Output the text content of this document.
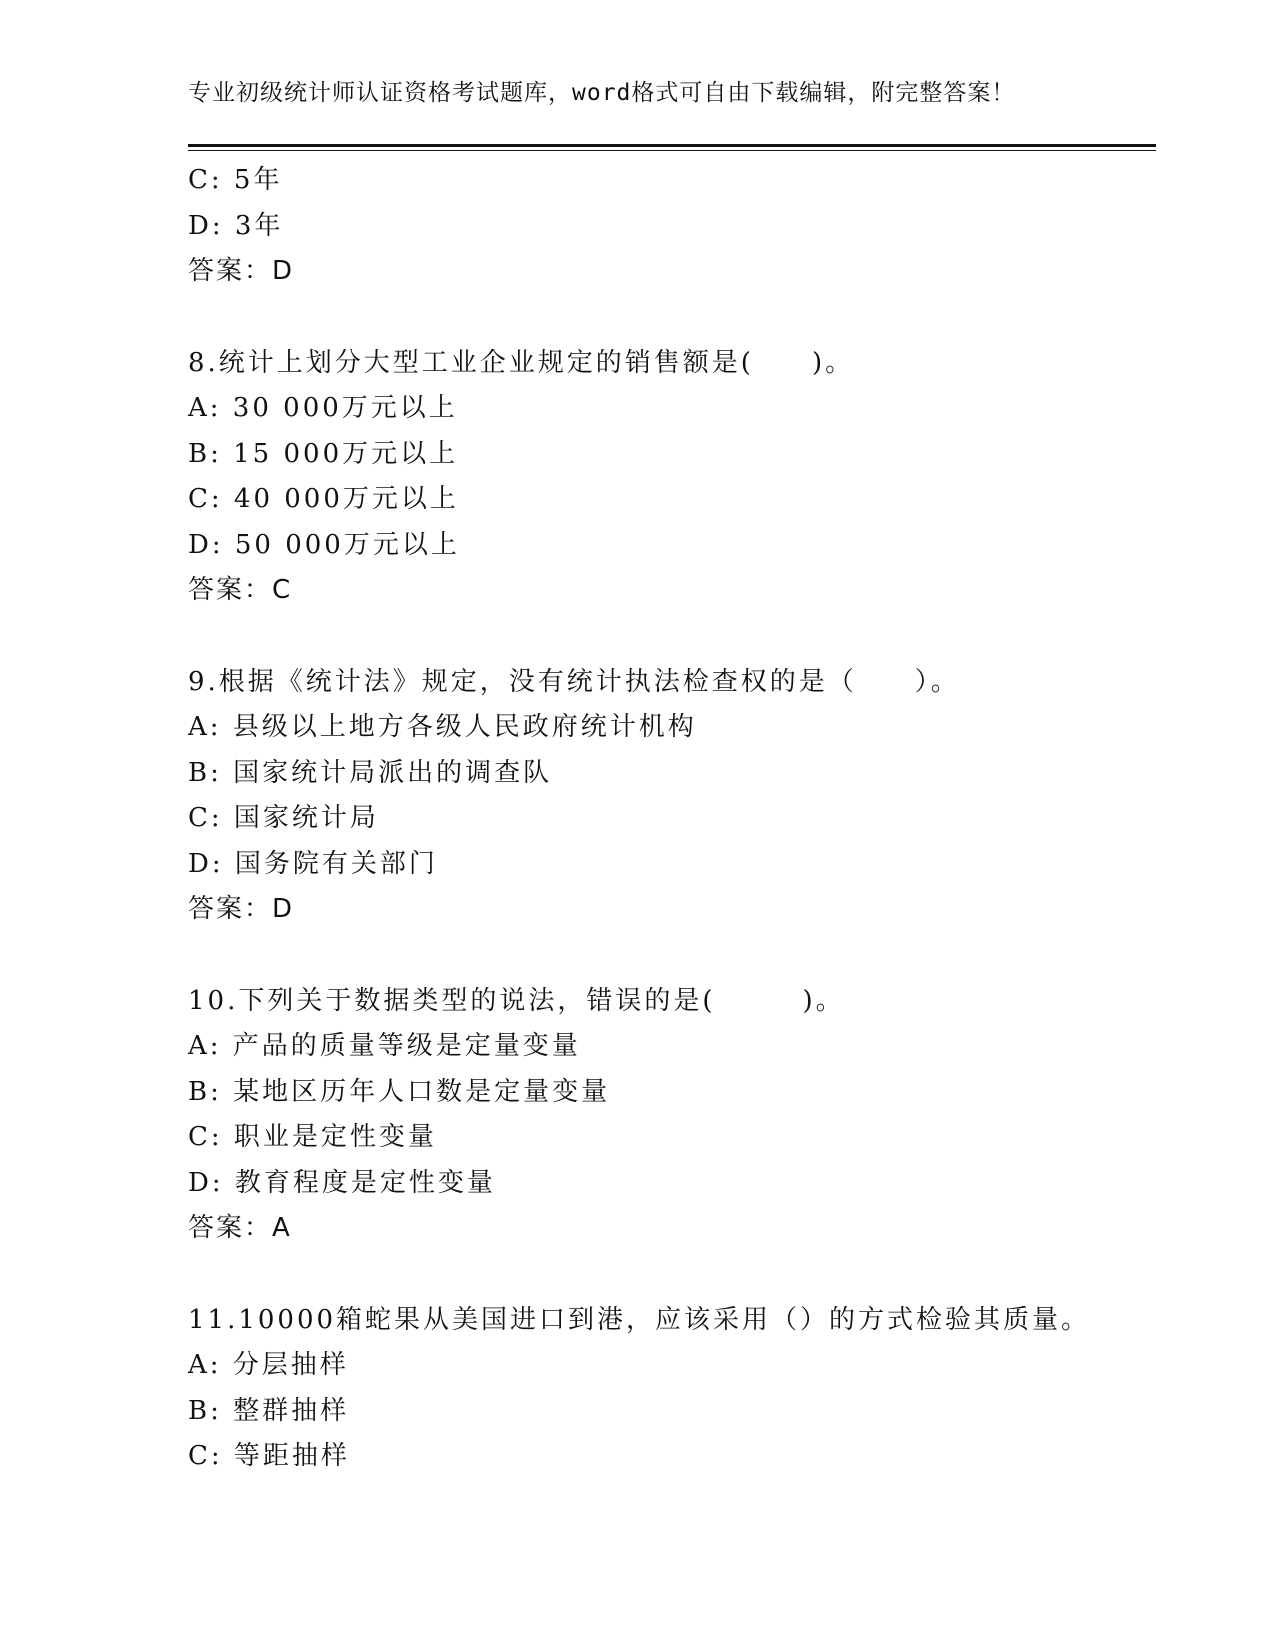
专业初级统计师认证资格考试题库，word格式可自由下载编辑，附完整答案！
C: 5年
D: 3年
答案：D
8.统计上划分大型工业企业规定的销售额是(　　)。
A: 30 000万元以上
B: 15 000万元以上
C: 40 000万元以上
D: 50 000万元以上
答案：C
9.根据《统计法》规定，没有统计执法检查权的是（　　）。
A: 县级以上地方各级人民政府统计机构
B: 国家统计局派出的调查队
C: 国家统计局
D: 国务院有关部门
答案：D
10.下列关于数据类型的说法，错误的是(　　　)。
A: 产品的质量等级是定量变量
B: 某地区历年人口数是定量变量
C: 职业是定性变量
D: 教育程度是定性变量
答案：A
11.10000箱蛇果从美国进口到港，应该采用（）的方式检验其质量。
A: 分层抽样
B: 整群抽样
C: 等距抽样
